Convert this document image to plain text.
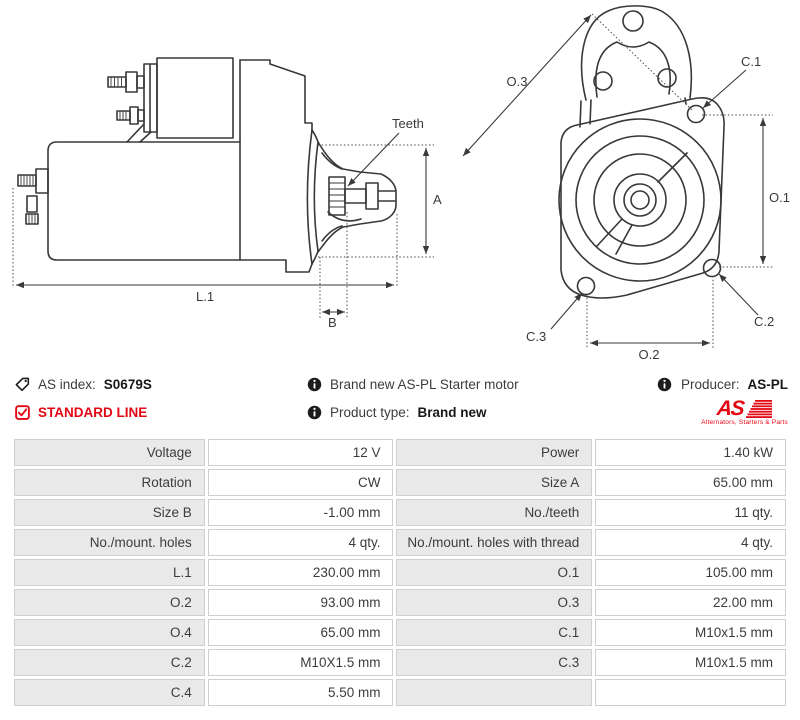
Teeth
A
L.1
B
O.3
C.1
O.1
C.2
C.3
O.2
AS index: S0679S
STANDARD LINE
Brand new AS-PL Starter motor
Product type: Brand new
Producer: AS-PL
AS
Alternators, Starters & Parts
Voltage	12 V	Power	1.40 kW
Rotation	CW	Size A	65.00 mm
Size B	-1.00 mm	No./teeth	11 qty.
No./mount. holes	4 qty.	No./mount. holes with thread	4 qty.
L.1	230.00 mm	O.1	105.00 mm
O.2	93.00 mm	O.3	22.00 mm
O.4	65.00 mm	C.1	M10x1.5 mm
C.2	M10X1.5 mm	C.3	M10x1.5 mm
C.4	5.50 mm		
